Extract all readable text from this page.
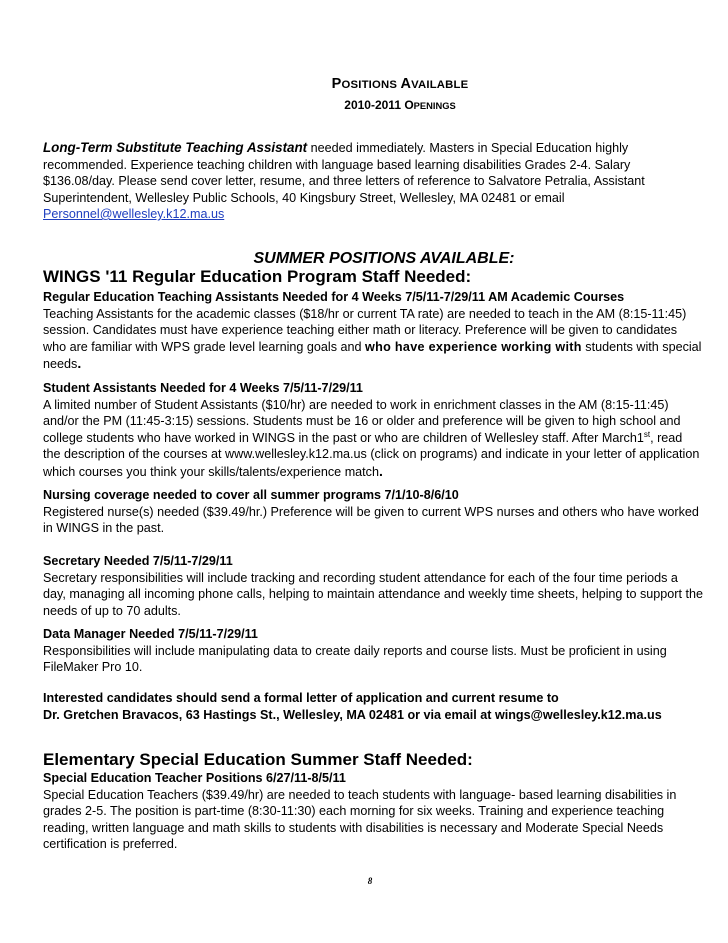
POSITIONS AVAILABLE
2010-2011 OPENINGS
Long-Term Substitute Teaching Assistant needed immediately. Masters in Special Education highly recommended. Experience teaching children with language based learning disabilities Grades 2-4. Salary $136.08/day. Please send cover letter, resume, and three letters of reference to Salvatore Petralia, Assistant Superintendent, Wellesley Public Schools, 40 Kingsbury Street, Wellesley, MA 02481 or email Personnel@wellesley.k12.ma.us
SUMMER POSITIONS AVAILABLE:
WINGS '11 Regular Education Program Staff Needed:
Regular Education Teaching Assistants Needed for 4 Weeks 7/5/11-7/29/11 AM Academic Courses
Teaching Assistants for the academic classes ($18/hr or current TA rate) are needed to teach in the AM (8:15-11:45) session. Candidates must have experience teaching either math or literacy. Preference will be given to candidates who are familiar with WPS grade level learning goals and who have experience working with students with special needs.
Student Assistants Needed for 4 Weeks 7/5/11-7/29/11
A limited number of Student Assistants ($10/hr) are needed to work in enrichment classes in the AM (8:15-11:45) and/or the PM (11:45-3:15) sessions. Students must be 16 or older and preference will be given to high school and college students who have worked in WINGS in the past or who are children of Wellesley staff. After March1st, read the description of the courses at www.wellesley.k12.ma.us (click on programs) and indicate in your letter of application which courses you think your skills/talents/experience match.
Nursing coverage needed to cover all summer programs 7/1/10-8/6/10
Registered nurse(s) needed ($39.49/hr.) Preference will be given to current WPS nurses and others who have worked in WINGS in the past.
Secretary Needed 7/5/11-7/29/11
Secretary responsibilities will include tracking and recording student attendance for each of the four time periods a day, managing all incoming phone calls, helping to maintain attendance and weekly time sheets, helping to support the needs of up to 70 adults.
Data Manager Needed 7/5/11-7/29/11
Responsibilities will include manipulating data to create daily reports and course lists. Must be proficient in using FileMaker Pro 10.
Interested candidates should send a formal letter of application and current resume to
Dr. Gretchen Bravacos, 63 Hastings St., Wellesley, MA 02481 or via email at wings@wellesley.k12.ma.us
Elementary Special Education Summer Staff Needed:
Special Education Teacher Positions 6/27/11-8/5/11
Special Education Teachers ($39.49/hr) are needed to teach students with language- based learning disabilities in grades 2-5. The position is part-time (8:30-11:30) each morning for six weeks. Training and experience teaching reading, written language and math skills to students with disabilities is necessary and Moderate Special Needs certification is preferred.
8
